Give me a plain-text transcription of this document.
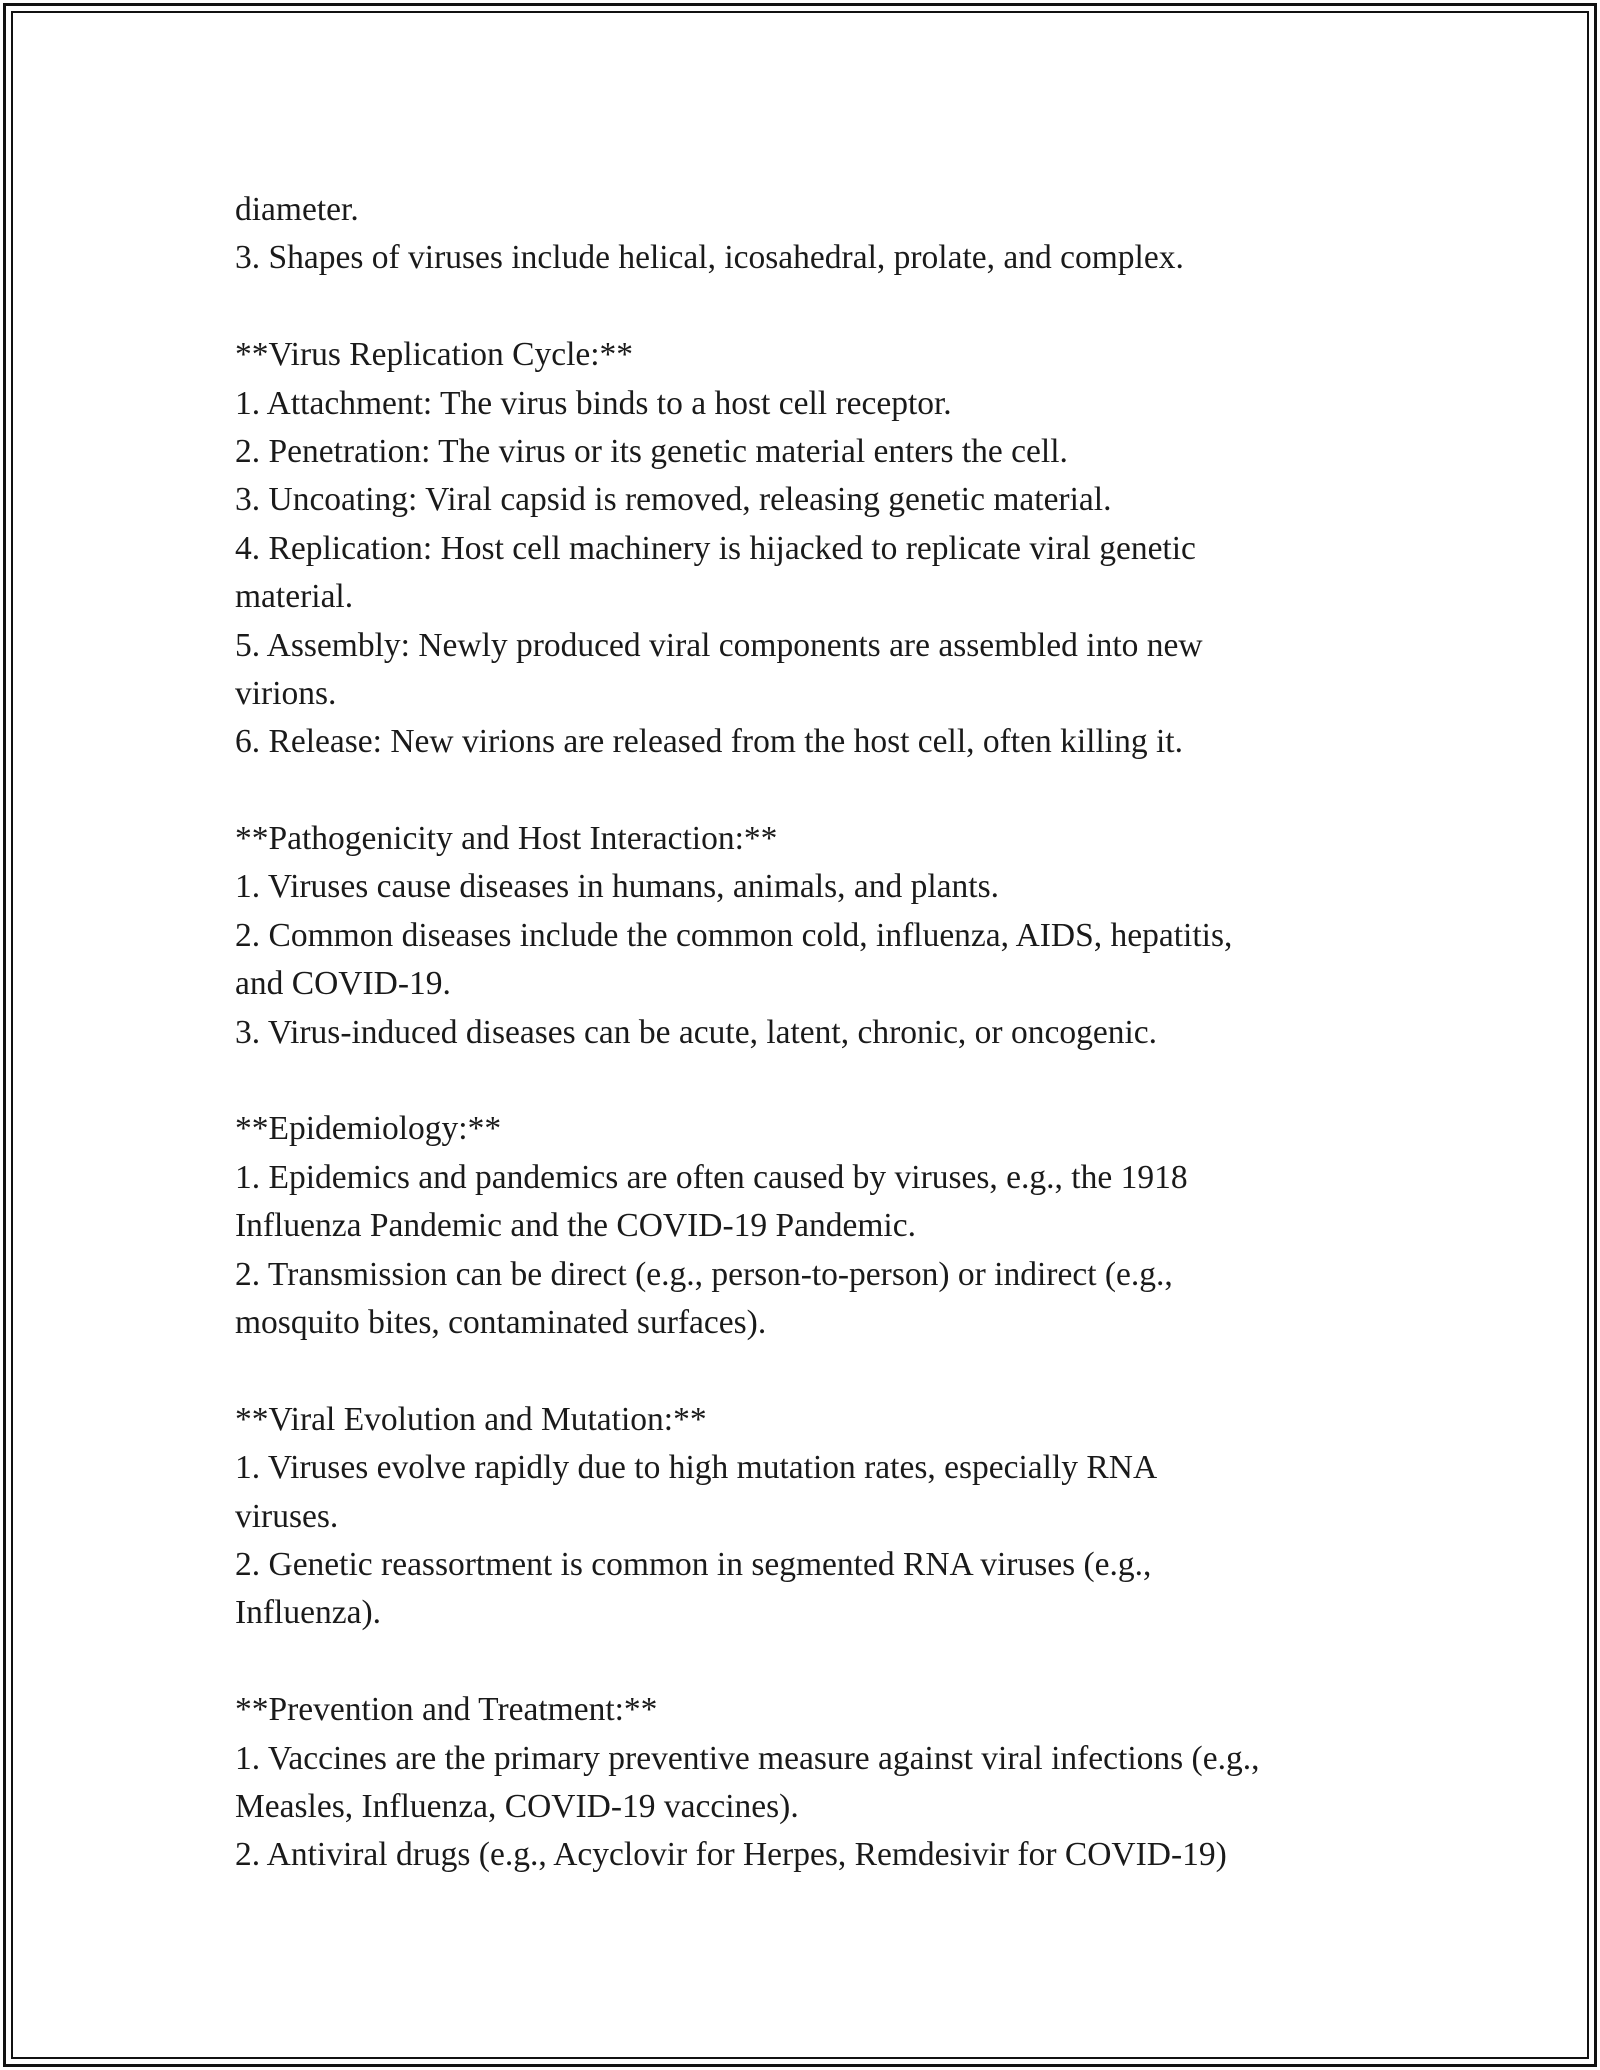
diameter.
3. Shapes of viruses include helical, icosahedral, prolate, and complex.
**Virus Replication Cycle:**
1. Attachment: The virus binds to a host cell receptor.
2. Penetration: The virus or its genetic material enters the cell.
3. Uncoating: Viral capsid is removed, releasing genetic material.
4. Replication: Host cell machinery is hijacked to replicate viral genetic
material.
5. Assembly: Newly produced viral components are assembled into new
virions.
6. Release: New virions are released from the host cell, often killing it.
**Pathogenicity and Host Interaction:**
1. Viruses cause diseases in humans, animals, and plants.
2. Common diseases include the common cold, influenza, AIDS, hepatitis,
and COVID-19.
3. Virus-induced diseases can be acute, latent, chronic, or oncogenic.
**Epidemiology:**
1. Epidemics and pandemics are often caused by viruses, e.g., the 1918
Influenza Pandemic and the COVID-19 Pandemic.
2. Transmission can be direct (e.g., person-to-person) or indirect (e.g.,
mosquito bites, contaminated surfaces).
**Viral Evolution and Mutation:**
1. Viruses evolve rapidly due to high mutation rates, especially RNA
viruses.
2. Genetic reassortment is common in segmented RNA viruses (e.g.,
Influenza).
**Prevention and Treatment:**
1. Vaccines are the primary preventive measure against viral infections (e.g.,
Measles, Influenza, COVID-19 vaccines).
2. Antiviral drugs (e.g., Acyclovir for Herpes, Remdesivir for COVID-19)
